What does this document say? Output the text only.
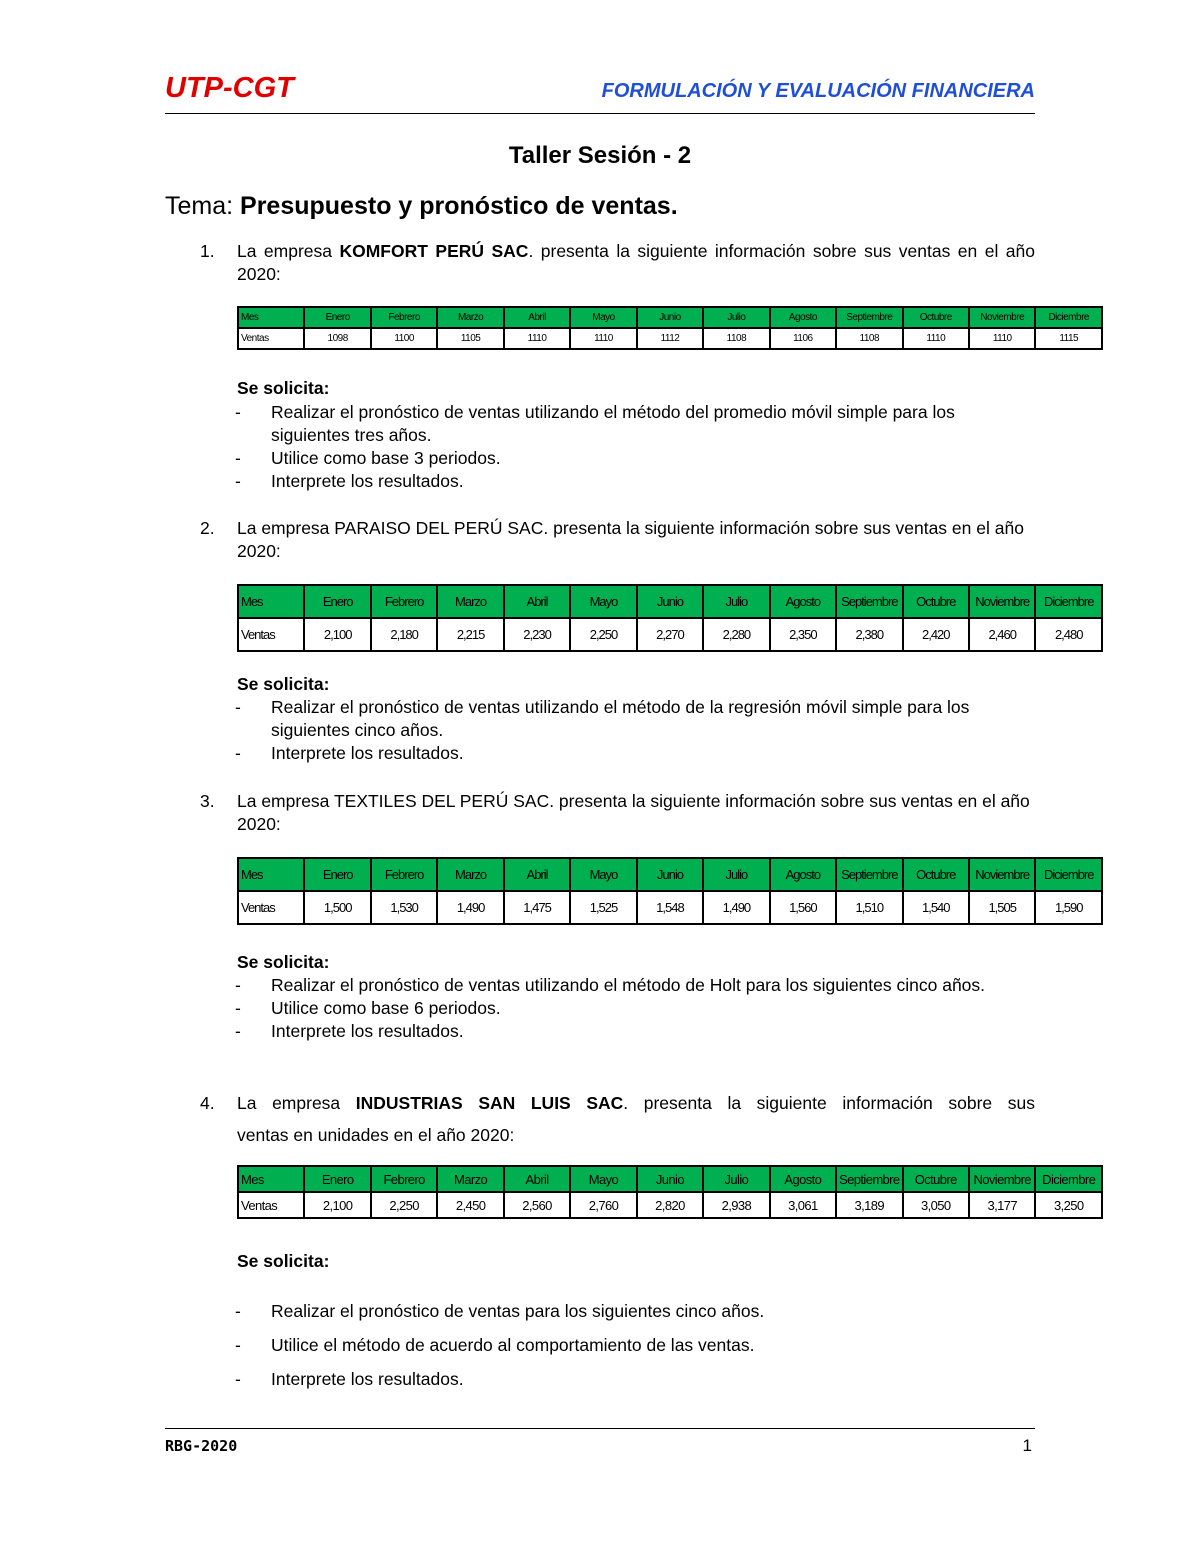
UTP-CGT	FORMULACIÓN Y EVALUACIÓN FINANCIERA
Taller Sesión - 2
Tema: Presupuesto y pronóstico de ventas.
1. La empresa KOMFORT PERÚ SAC. presenta la siguiente información sobre sus ventas en el año 2020:
Mes	Enero	Febrero	Marzo	Abril	Mayo	Junio	Julio	Agosto	Septiembre	Octubre	Noviembre	Diciembre
Ventas	1098	1100	1105	1110	1110	1112	1108	1106	1108	1110	1110	1115
Se solicita:
- Realizar el pronóstico de ventas utilizando el método del promedio móvil simple para los siguientes tres años.
- Utilice como base 3 periodos.
- Interprete los resultados.
2. La empresa PARAISO DEL PERÚ SAC. presenta la siguiente información sobre sus ventas en el año 2020:
Mes	Enero	Febrero	Marzo	Abril	Mayo	Junio	Julio	Agosto	Septiembre	Octubre	Noviembre	Diciembre
Ventas	2,100	2,180	2,215	2,230	2,250	2,270	2,280	2,350	2,380	2,420	2,460	2,480
Se solicita:
- Realizar el pronóstico de ventas utilizando el método de la regresión móvil simple para los siguientes cinco años.
- Interprete los resultados.
3. La empresa TEXTILES DEL PERÚ SAC. presenta la siguiente información sobre sus ventas en el año 2020:
Mes	Enero	Febrero	Marzo	Abril	Mayo	Junio	Julio	Agosto	Septiembre	Octubre	Noviembre	Diciembre
Ventas	1,500	1,530	1,490	1,475	1,525	1,548	1,490	1,560	1,510	1,540	1,505	1,590
Se solicita:
- Realizar el pronóstico de ventas utilizando el método de Holt para los siguientes cinco años.
- Utilice como base 6 periodos.
- Interprete los resultados.
4. La empresa INDUSTRIAS SAN LUIS SAC. presenta la siguiente información sobre sus
ventas en unidades en el año 2020:
Mes	Enero	Febrero	Marzo	Abril	Mayo	Junio	Julio	Agosto	Septiembre	Octubre	Noviembre	Diciembre
Ventas	2,100	2,250	2,450	2,560	2,760	2,820	2,938	3,061	3,189	3,050	3,177	3,250
Se solicita:
- Realizar el pronóstico de ventas para los siguientes cinco años.
- Utilice el método de acuerdo al comportamiento de las ventas.
- Interprete los resultados.
RBG-2020	1
